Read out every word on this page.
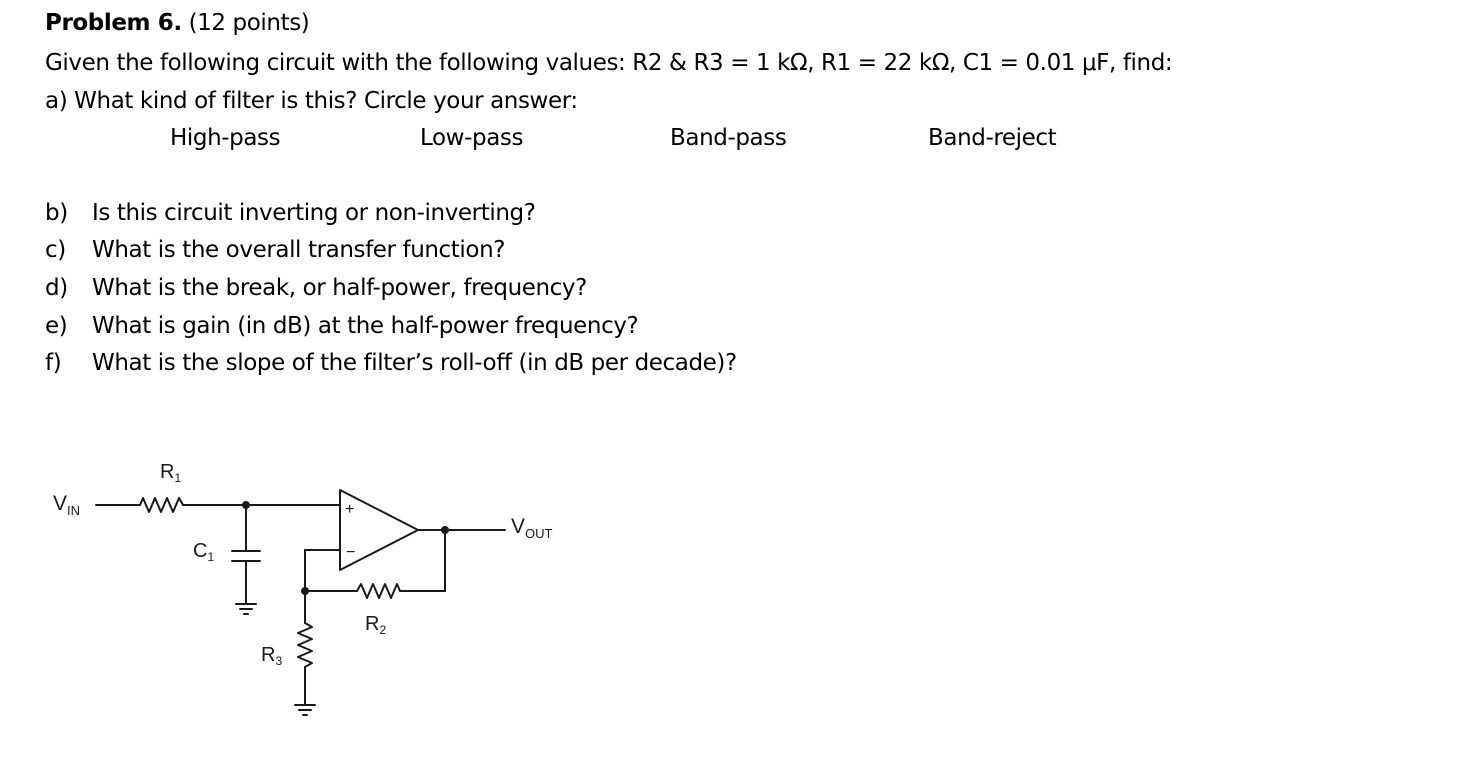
Problem 6. (12 points)
Given the following circuit with the following values: R2 & R3 = 1 kΩ, R1 = 22 kΩ, C1 = 0.01 μF, find:
a) What kind of filter is this? Circle your answer:
High-pass	Low-pass	Band-pass	Band-reject
b) Is this circuit inverting or non-inverting?
c) What is the overall transfer function?
d) What is the break, or half-power, frequency?
e) What is gain (in dB) at the half-power frequency?
f) What is the slope of the filter’s roll-off (in dB per decade)?
+
−
$V_{IN}$
$R_1$
$C_1$
$V_{OUT}$
$R_2$
$R_3$
